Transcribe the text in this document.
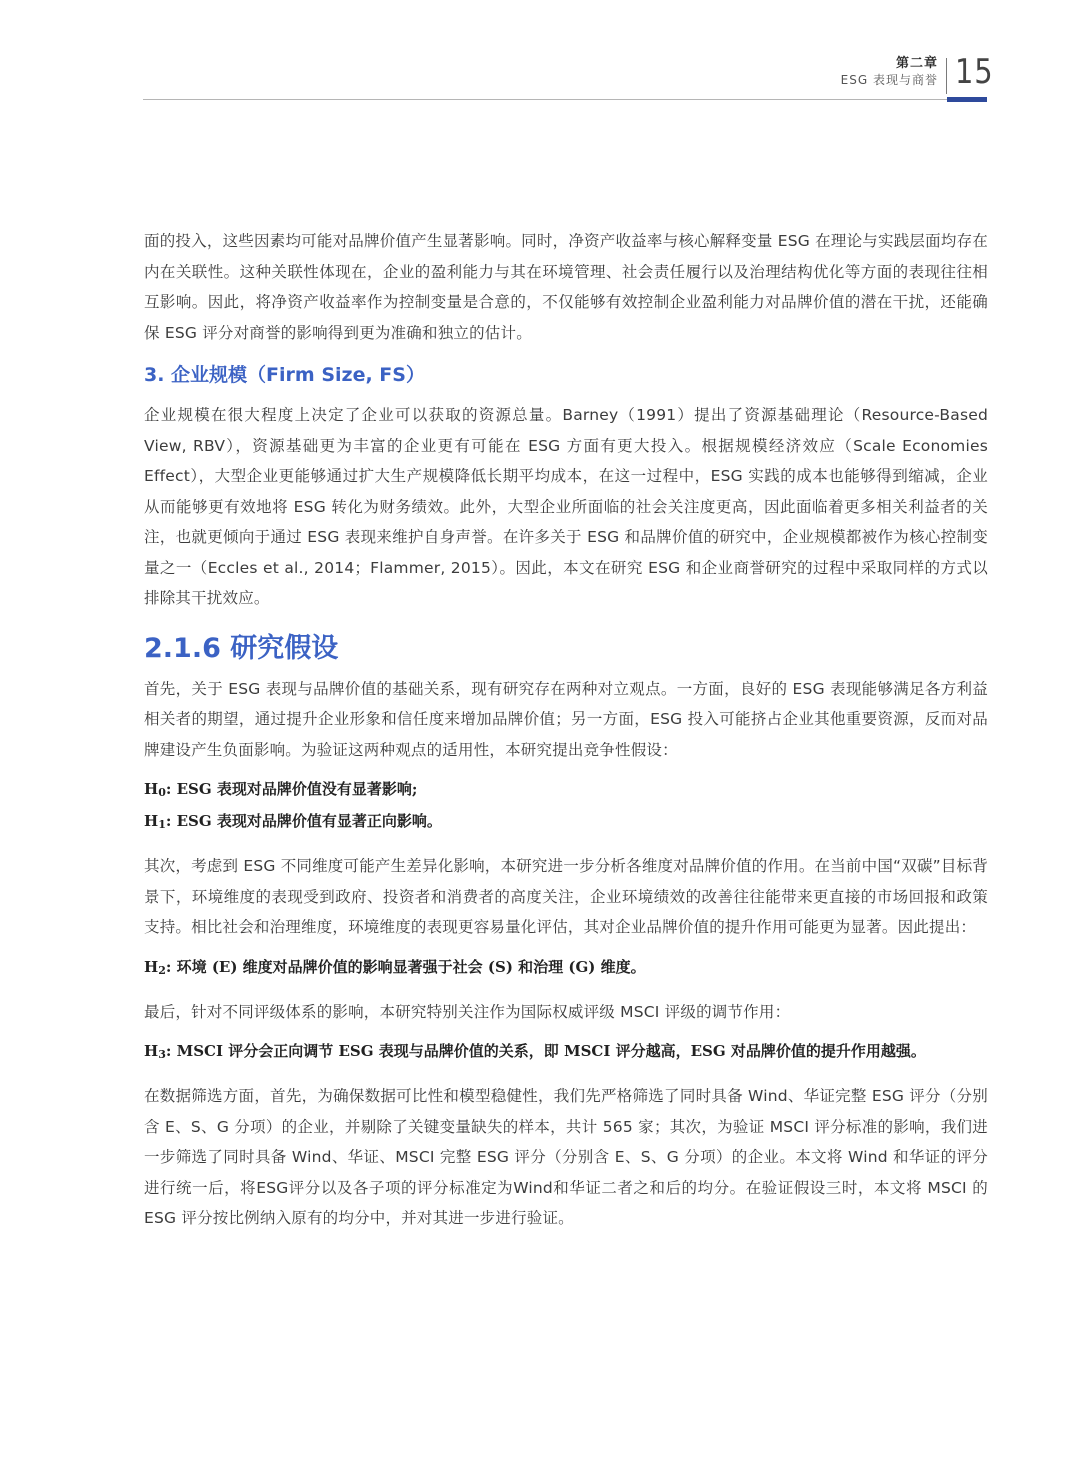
第二章
ESG 表现与商誉 15

面的投入，这些因素均可能对品牌价值产生显著影响。同时，净资产收益率与核心解释变量 ESG 在理论与实践层面均存在内在关联性。这种关联性体现在，企业的盈利能力与其在环境管理、社会责任履行以及治理结构优化等方面的表现往往相互影响。因此，将净资产收益率作为控制变量是合意的，不仅能够有效控制企业盈利能力对品牌价值的潜在干扰，还能确保 ESG 评分对商誉的影响得到更为准确和独立的估计。

3. 企业规模（Firm Size, FS）

企业规模在很大程度上决定了企业可以获取的资源总量。Barney（1991）提出了资源基础理论（Resource-Based View, RBV），资源基础更为丰富的企业更有可能在 ESG 方面有更大投入。根据规模经济效应（Scale Economies Effect），大型企业更能够通过扩大生产规模降低长期平均成本，在这一过程中，ESG 实践的成本也能够得到缩减，企业从而能够更有效地将 ESG 转化为财务绩效。此外，大型企业所面临的社会关注度更高，因此面临着更多相关利益者的关注，也就更倾向于通过 ESG 表现来维护自身声誉。在许多关于 ESG 和品牌价值的研究中，企业规模都被作为核心控制变量之一（Eccles et al., 2014；Flammer, 2015）。因此，本文在研究 ESG 和企业商誉研究的过程中采取同样的方式以排除其干扰效应。

2.1.6 研究假设

首先，关于 ESG 表现与品牌价值的基础关系，现有研究存在两种对立观点。一方面，良好的 ESG 表现能够满足各方利益相关者的期望，通过提升企业形象和信任度来增加品牌价值；另一方面，ESG 投入可能挤占企业其他重要资源，反而对品牌建设产生负面影响。为验证这两种观点的适用性，本研究提出竞争性假设：

H0: ESG 表现对品牌价值没有显著影响;

H1: ESG 表现对品牌价值有显著正向影响。

其次，考虑到 ESG 不同维度可能产生差异化影响，本研究进一步分析各维度对品牌价值的作用。在当前中国“双碳”目标背景下，环境维度的表现受到政府、投资者和消费者的高度关注，企业环境绩效的改善往往能带来更直接的市场回报和政策支持。相比社会和治理维度，环境维度的表现更容易量化评估，其对企业品牌价值的提升作用可能更为显著。因此提出：

H2: 环境 (E) 维度对品牌价值的影响显著强于社会 (S) 和治理 (G) 维度。

最后，针对不同评级体系的影响，本研究特别关注作为国际权威评级 MSCI 评级的调节作用：

H3: MSCI 评分会正向调节 ESG 表现与品牌价值的关系，即 MSCI 评分越高，ESG 对品牌价值的提升作用越强。

在数据筛选方面，首先，为确保数据可比性和模型稳健性，我们先严格筛选了同时具备 Wind、华证完整 ESG 评分（分别含 E、S、G 分项）的企业，并剔除了关键变量缺失的样本，共计 565 家；其次，为验证 MSCI 评分标准的影响，我们进一步筛选了同时具备 Wind、华证、MSCI 完整 ESG 评分（分别含 E、S、G 分项）的企业。本文将 Wind 和华证的评分进行统一后，将ESG评分以及各子项的评分标准定为Wind和华证二者之和后的均分。在验证假设三时，本文将 MSCI 的 ESG 评分按比例纳入原有的均分中，并对其进一步进行验证。
